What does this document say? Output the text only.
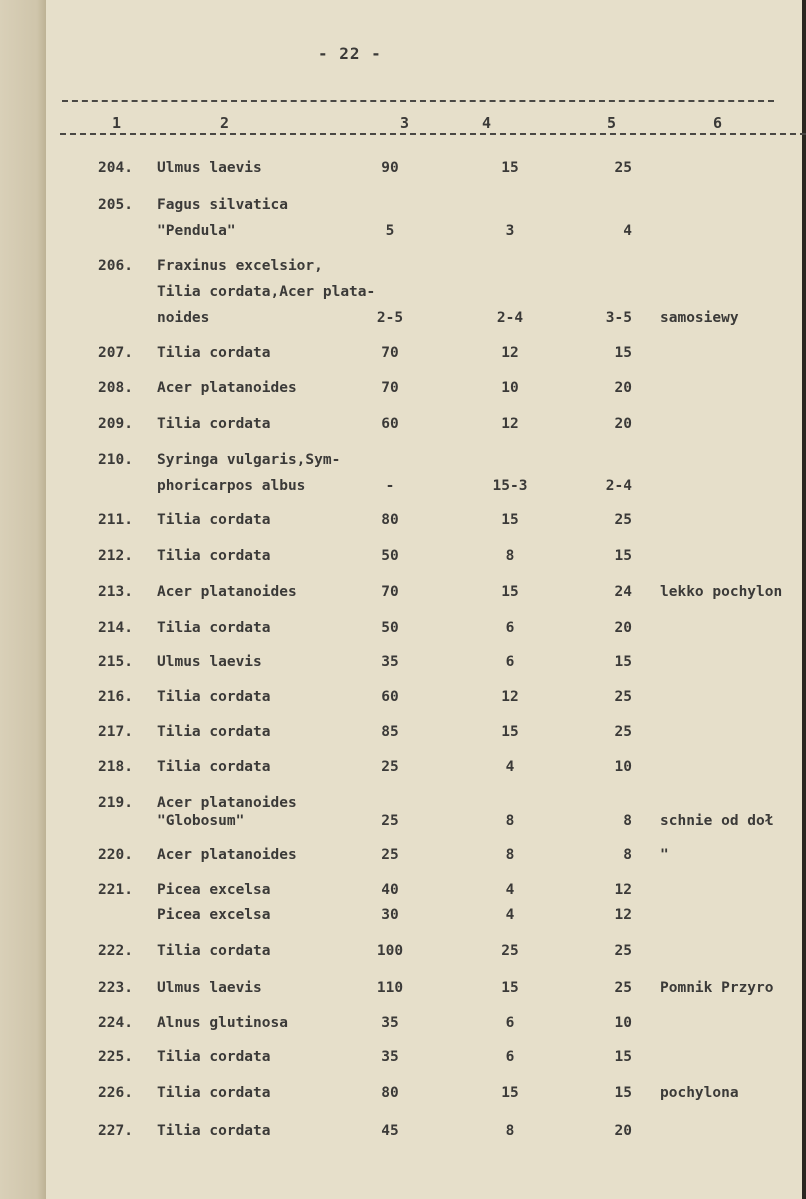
- 22 -
1	2	3	4	5	6
204. Ulmus laevis	90	15	25
205. Fagus silvatica
"Pendula"	5	3	4
206. Fraxinus excelsior,
Tilia cordata,Acer plata-
noides	2-5	2-4	3-5 samosiewy
207. Tilia cordata	70	12	15
208. Acer platanoides	70	10	20
209. Tilia cordata	60	12	20
210. Syringa vulgaris,Sym-
phoricarpos albus	-	15-3	2-4
211. Tilia cordata	80	15	25
212. Tilia cordata	50	8	15
213. Acer platanoides	70	15	24 lekko pochylon
214. Tilia cordata	50	6	20
215. Ulmus laevis	35	6	15
216. Tilia cordata	60	12	25
217. Tilia cordata	85	15	25
218. Tilia cordata	25	4	10
219. Acer platanoides
"Globosum"	25	8	8 schnie od doł
220. Acer platanoides	25	8	8 "
221. Picea excelsa	40	4	12
Picea excelsa	30	4	12
222. Tilia cordata	100	25	25
223. Ulmus laevis	110	15	25 Pomnik Przyro
224. Alnus glutinosa	35	6	10
225. Tilia cordata	35	6	15
226. Tilia cordata	80	15	15 pochylona
227. Tilia cordata	45	8	20
